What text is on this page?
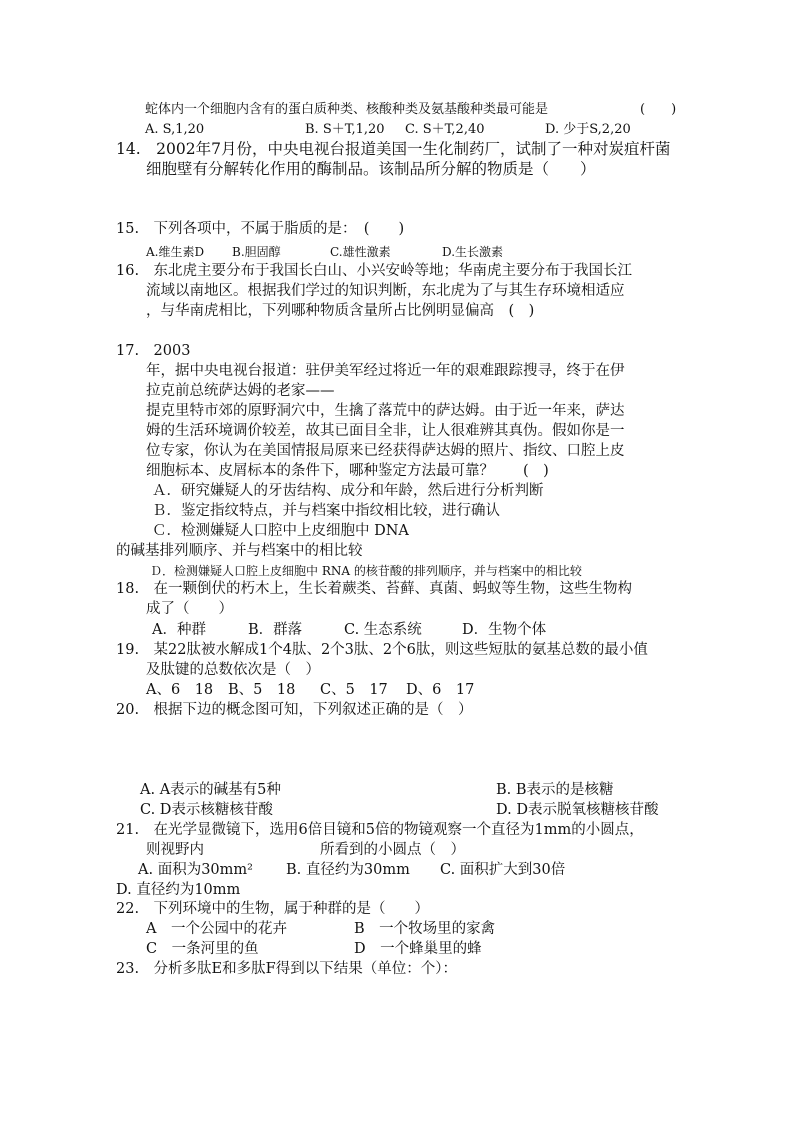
蛇体内一个细胞内含有的蛋白质种类、核酸种类及氨基酸种类最可能是	(　　)
A. S,1,20	B. S＋T,1,20 C. S＋T,2,40	D. 少于S,2,20
14.　2002年7月份，中央电视台报道美国一生化制药厂，试制了一种对炭疽杆菌
细胞壁有分解转化作用的酶制品。该制品所分解的物质是（　　）
15.　下列各项中，不属于脂质的是：　(　　)
A.维生素D B.胆固醇	C.雄性激素	D.生长激素
16.　东北虎主要分布于我国长白山、小兴安岭等地；华南虎主要分布于我国长江
流域以南地区。根据我们学过的知识判断，东北虎为了与其生存环境相适应
，与华南虎相比，下列哪种物质含量所占比例明显偏高　(　)
17.　2003
年，据中央电视台报道：驻伊美军经过将近一年的艰难跟踪搜寻，终于在伊
拉克前总统萨达姆的老家——
提克里特市郊的原野洞穴中，生擒了落荒中的萨达姆。由于近一年来，萨达
姆的生活环境调价较差，故其已面目全非，让人很难辨其真伪。假如你是一
位专家，你认为在美国情报局原来已经获得萨达姆的照片、指纹、口腔上皮
细胞标本、皮屑标本的条件下，哪种鉴定方法最可靠？　　(　)
Ａ．研究嫌疑人的牙齿结构、成分和年龄，然后进行分析判断
Ｂ．鉴定指纹特点，并与档案中指纹相比较，进行确认
Ｃ．检测嫌疑人口腔中上皮细胞中 DNA
的碱基排列顺序、并与档案中的相比较
Ｄ．检测嫌疑人口腔上皮细胞中 RNA 的核苷酸的排列顺序，并与档案中的相比较
18.　在一颗倒伏的朽木上，生长着蕨类、苔藓、真菌、蚂蚁等生物，这些生物构
成了（　　）
A．种群	B．群落	C. 生态系统	D．生物个体
19.　某22肽被水解成1个4肽、2个3肽、2个6肽，则这些短肽的氨基总数的最小值
及肽键的总数依次是（　）
A、6　18 B、5　18 C、5　17 D、6　17
20.　根据下边的概念图可知，下列叙述正确的是（　）
A. A表示的碱基有5种	B. B表示的是核糖
C. D表示核糖核苷酸	D. D表示脱氧核糖核苷酸
21.　在光学显微镜下，选用6倍目镜和5倍的物镜观察一个直径为1mm的小圆点，
则视野内	所看到的小圆点（　）
A. 面积为30mm² B. 直径约为30mm C. 面积扩大到30倍
D. 直径约为10mm
22.　下列环境中的生物，属于种群的是（　　）
A　一个公园中的花卉	B　一个牧场里的家禽
C　一条河里的鱼	D　一个蜂巢里的蜂
23.　分析多肽E和多肽F得到以下结果（单位：个）：
